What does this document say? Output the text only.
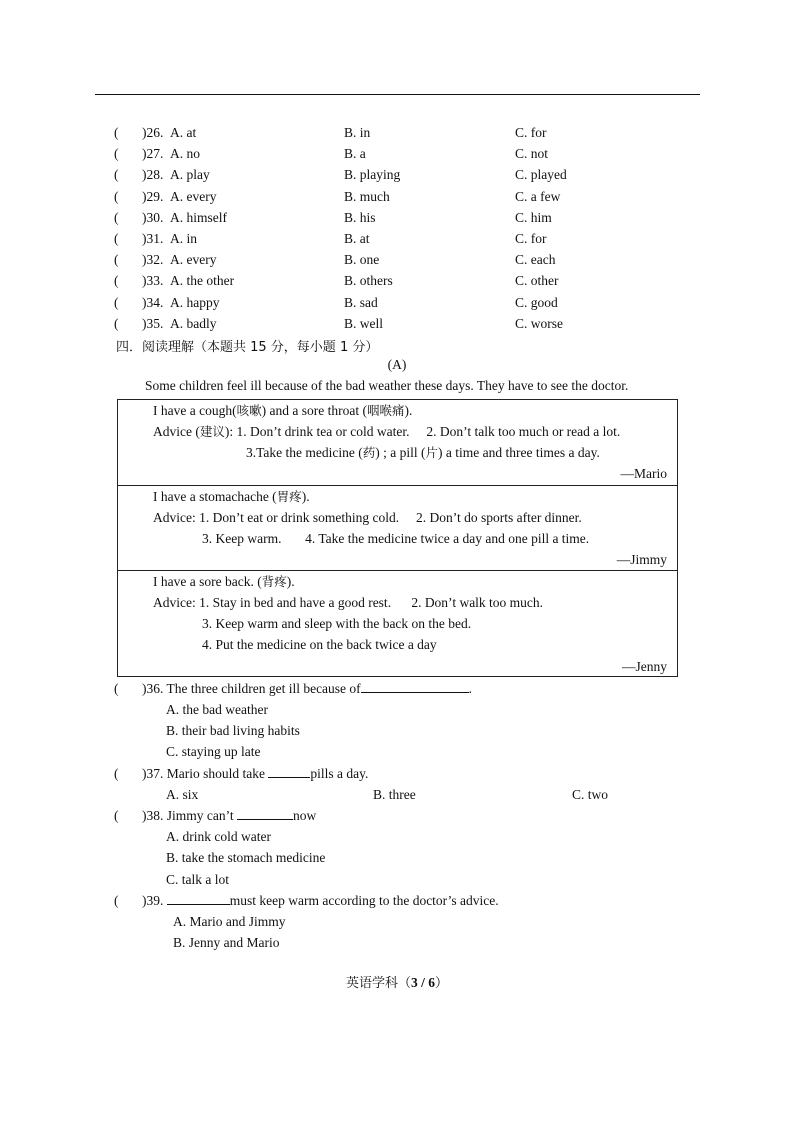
( )26. A. at	B. in	C. for
( )27. A. no	B. a	C. not
( )28. A. play	B. playing	C. played
( )29. A. every	B. much	C. a few
( )30. A. himself	B. his	C. him
( )31. A. in	B. at	C. for
( )32. A. every	B. one	C. each
( )33. A. the other	B. others	C. other
( )34. A. happy	B. sad	C. good
( )35. A. badly	B. well	C. worse
四．阅读理解（本题共 15 分，每小题 1 分）
(A)
Some children feel ill because of the bad weather these days. They have to see the doctor.
I have a cough(咳嗽) and a sore throat (咽喉痛).
Advice (建议): 1. Don’t drink tea or cold water.     2. Don’t talk too much or read a lot.
3.Take the medicine (药) ; a pill (片) a time and three times a day.
—Mario
I have a stomachache (胃疼).
Advice: 1. Don’t eat or drink something cold.     2. Don’t do sports after dinner.
3. Keep warm.       4. Take the medicine twice a day and one pill a time.
—Jimmy
I have a sore back. (背疼).
Advice: 1. Stay in bed and have a good rest.      2. Don’t walk too much.
3. Keep warm and sleep with the back on the bed.
4. Put the medicine on the back twice a day
—Jenny
( )36. The three children get ill because of	.
A. the bad weather
B. their bad living habits
C. staying up late
( )37. Mario should take	pills a day.
A. six	B. three	C. two
( )38. Jimmy can’t	now
A. drink cold water
B. take the stomach medicine
C. talk a lot
( )39.	must keep warm according to the doctor’s advice.
A. Mario and Jimmy
B. Jenny and Mario
英语学科（3 / 6）
